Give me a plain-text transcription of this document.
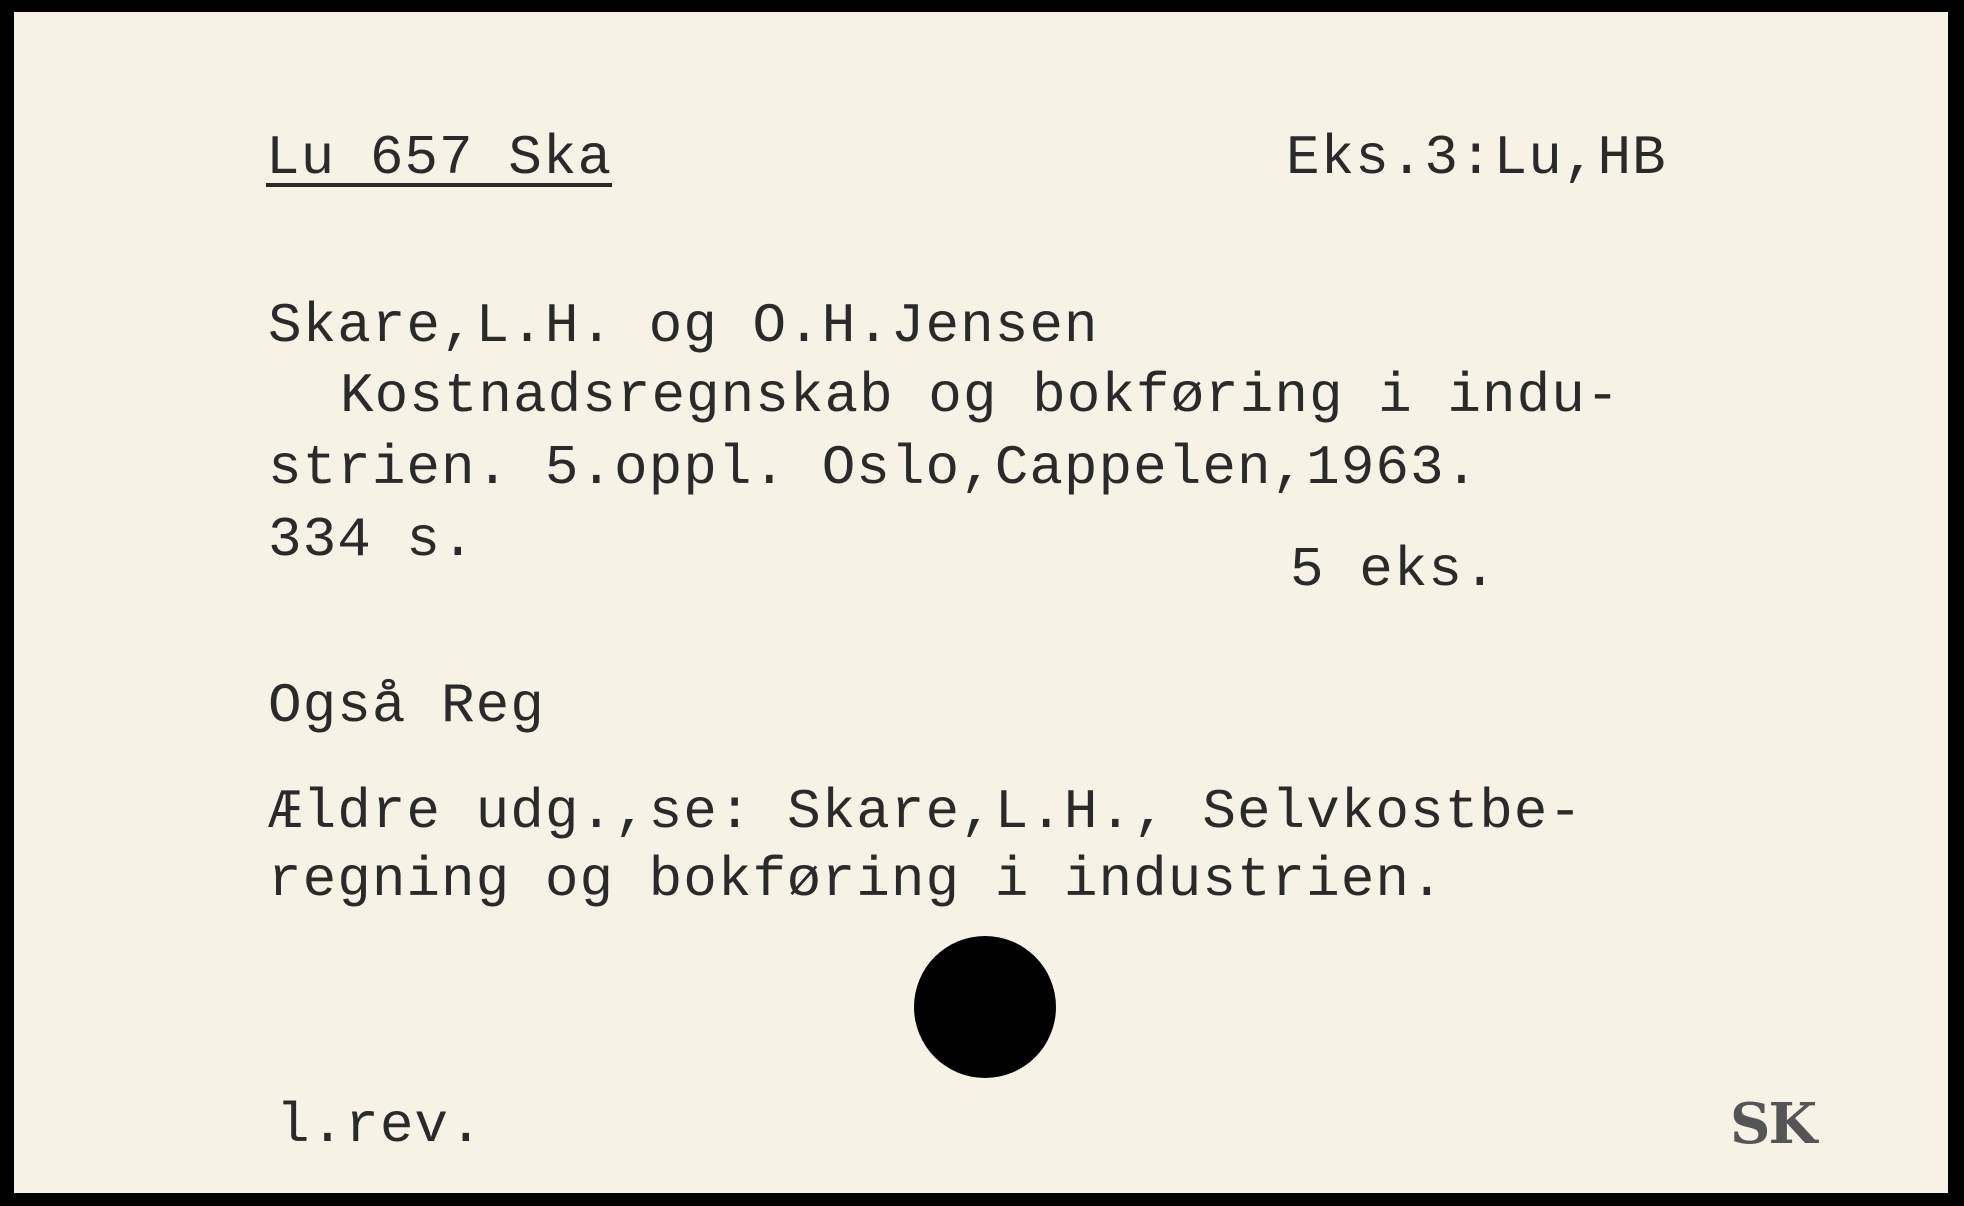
Lu 657 Ska	Eks.3:Lu,HB
Skare,L.H. og O.H.Jensen
Kostnadsregnskab og bokføring i indu-
strien. 5.oppl. Oslo,Cappelen,1963.
334 s.	5 eks.
Også Reg
Ældre udg.,se: Skare,L.H., Selvkostbe-
regning og bokføring i industrien.
l.rev.	SK
